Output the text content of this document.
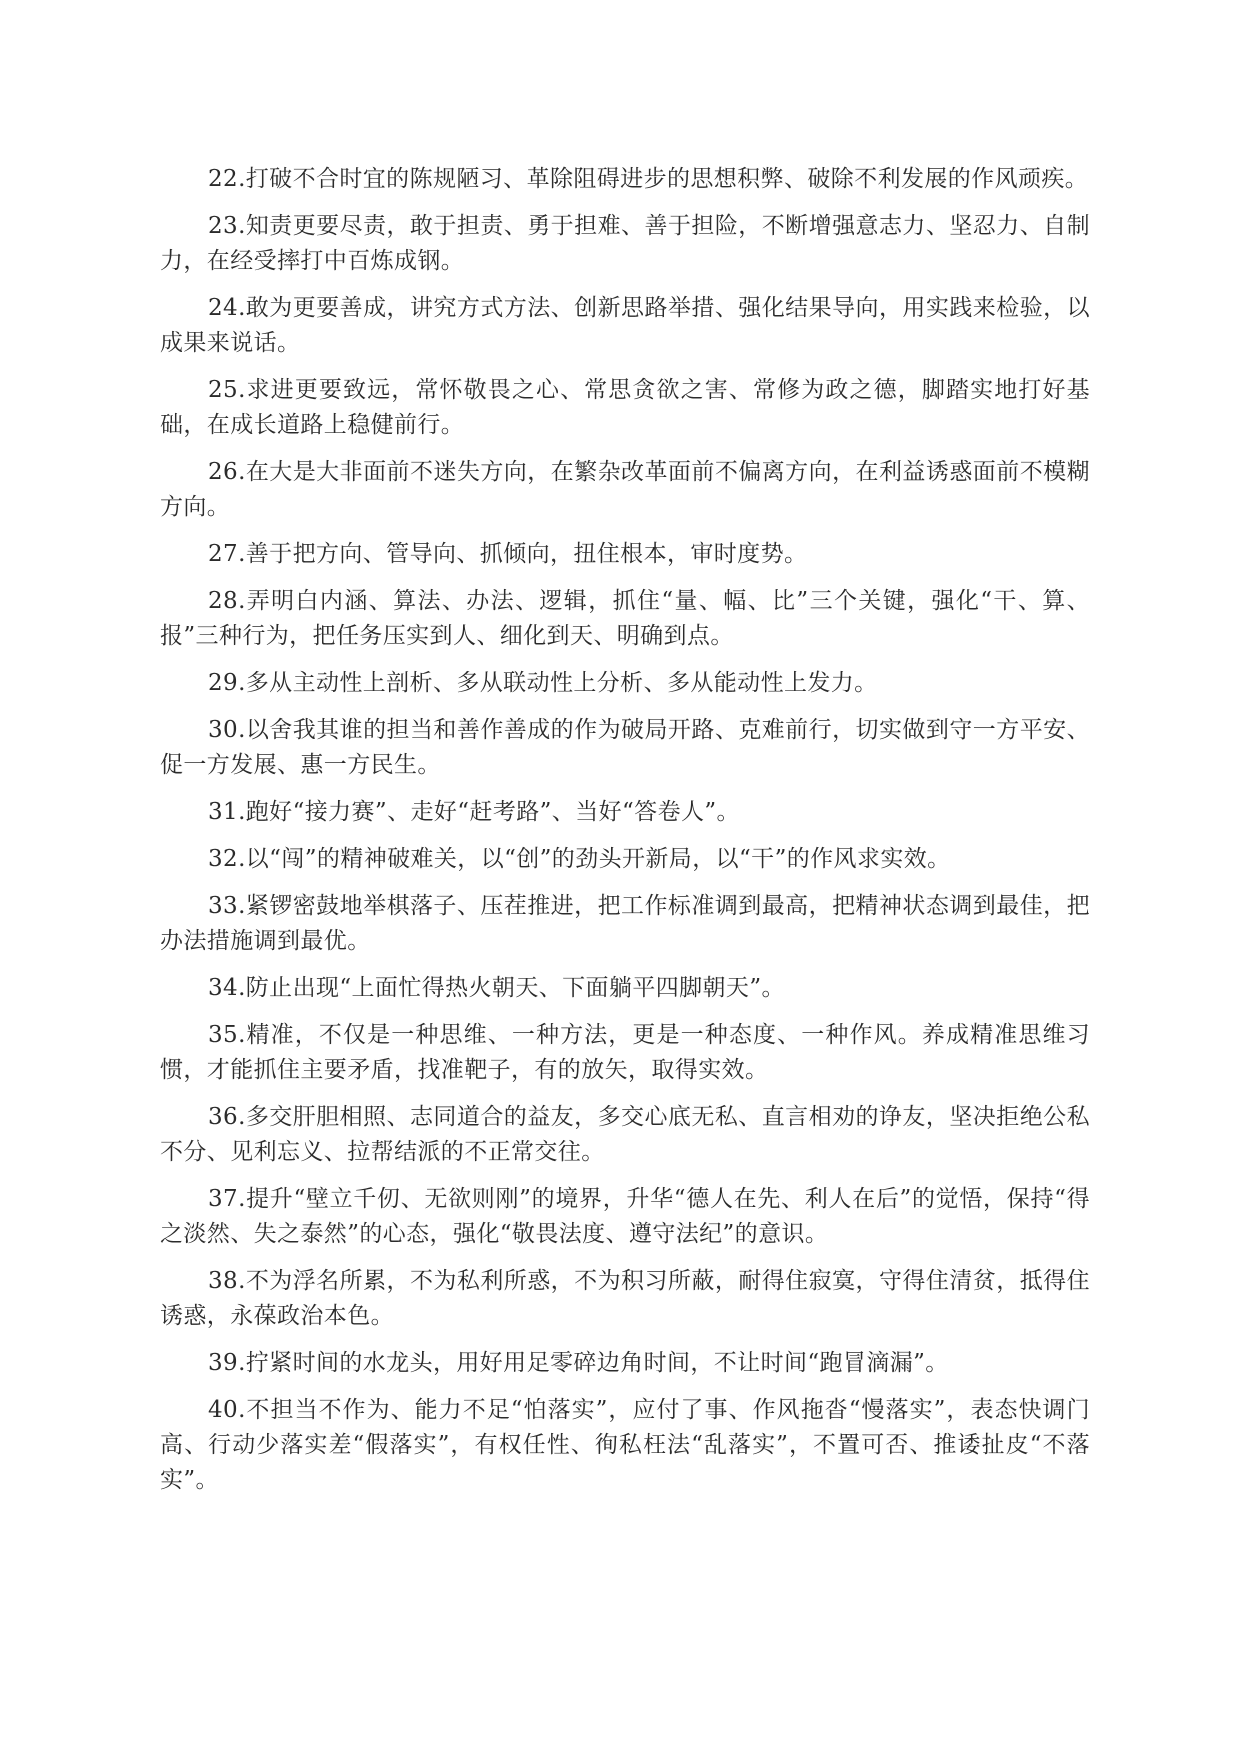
22.打破不合时宜的陈规陋习、革除阻碍进步的思想积弊、破除不利发展的作风顽疾。

23.知责更要尽责，敢于担责、勇于担难、善于担险，不断增强意志力、坚忍力、自制力，在经受摔打中百炼成钢。

24.敢为更要善成，讲究方式方法、创新思路举措、强化结果导向，用实践来检验，以成果来说话。

25.求进更要致远，常怀敬畏之心、常思贪欲之害、常修为政之德，脚踏实地打好基础，在成长道路上稳健前行。

26.在大是大非面前不迷失方向，在繁杂改革面前不偏离方向，在利益诱惑面前不模糊方向。

27.善于把方向、管导向、抓倾向，扭住根本，审时度势。

28.弄明白内涵、算法、办法、逻辑，抓住“量、幅、比”三个关键，强化“干、算、报”三种行为，把任务压实到人、细化到天、明确到点。

29.多从主动性上剖析、多从联动性上分析、多从能动性上发力。

30.以舍我其谁的担当和善作善成的作为破局开路、克难前行，切实做到守一方平安、促一方发展、惠一方民生。

31.跑好“接力赛”、走好“赶考路”、当好“答卷人”。

32.以“闯”的精神破难关，以“创”的劲头开新局，以“干”的作风求实效。

33.紧锣密鼓地举棋落子、压茬推进，把工作标准调到最高，把精神状态调到最佳，把办法措施调到最优。

34.防止出现“上面忙得热火朝天、下面躺平四脚朝天”。

35.精准，不仅是一种思维、一种方法，更是一种态度、一种作风。养成精准思维习惯，才能抓住主要矛盾，找准靶子，有的放矢，取得实效。

36.多交肝胆相照、志同道合的益友，多交心底无私、直言相劝的诤友，坚决拒绝公私不分、见利忘义、拉帮结派的不正常交往。

37.提升“壁立千仞、无欲则刚”的境界，升华“德人在先、利人在后”的觉悟，保持“得之淡然、失之泰然”的心态，强化“敬畏法度、遵守法纪”的意识。

38.不为浮名所累，不为私利所惑，不为积习所蔽，耐得住寂寞，守得住清贫，抵得住诱惑，永葆政治本色。

39.拧紧时间的水龙头，用好用足零碎边角时间，不让时间“跑冒滴漏”。

40.不担当不作为、能力不足“怕落实”，应付了事、作风拖沓“慢落实”，表态快调门高、行动少落实差“假落实”，有权任性、徇私枉法“乱落实”，不置可否、推诿扯皮“不落实”。
